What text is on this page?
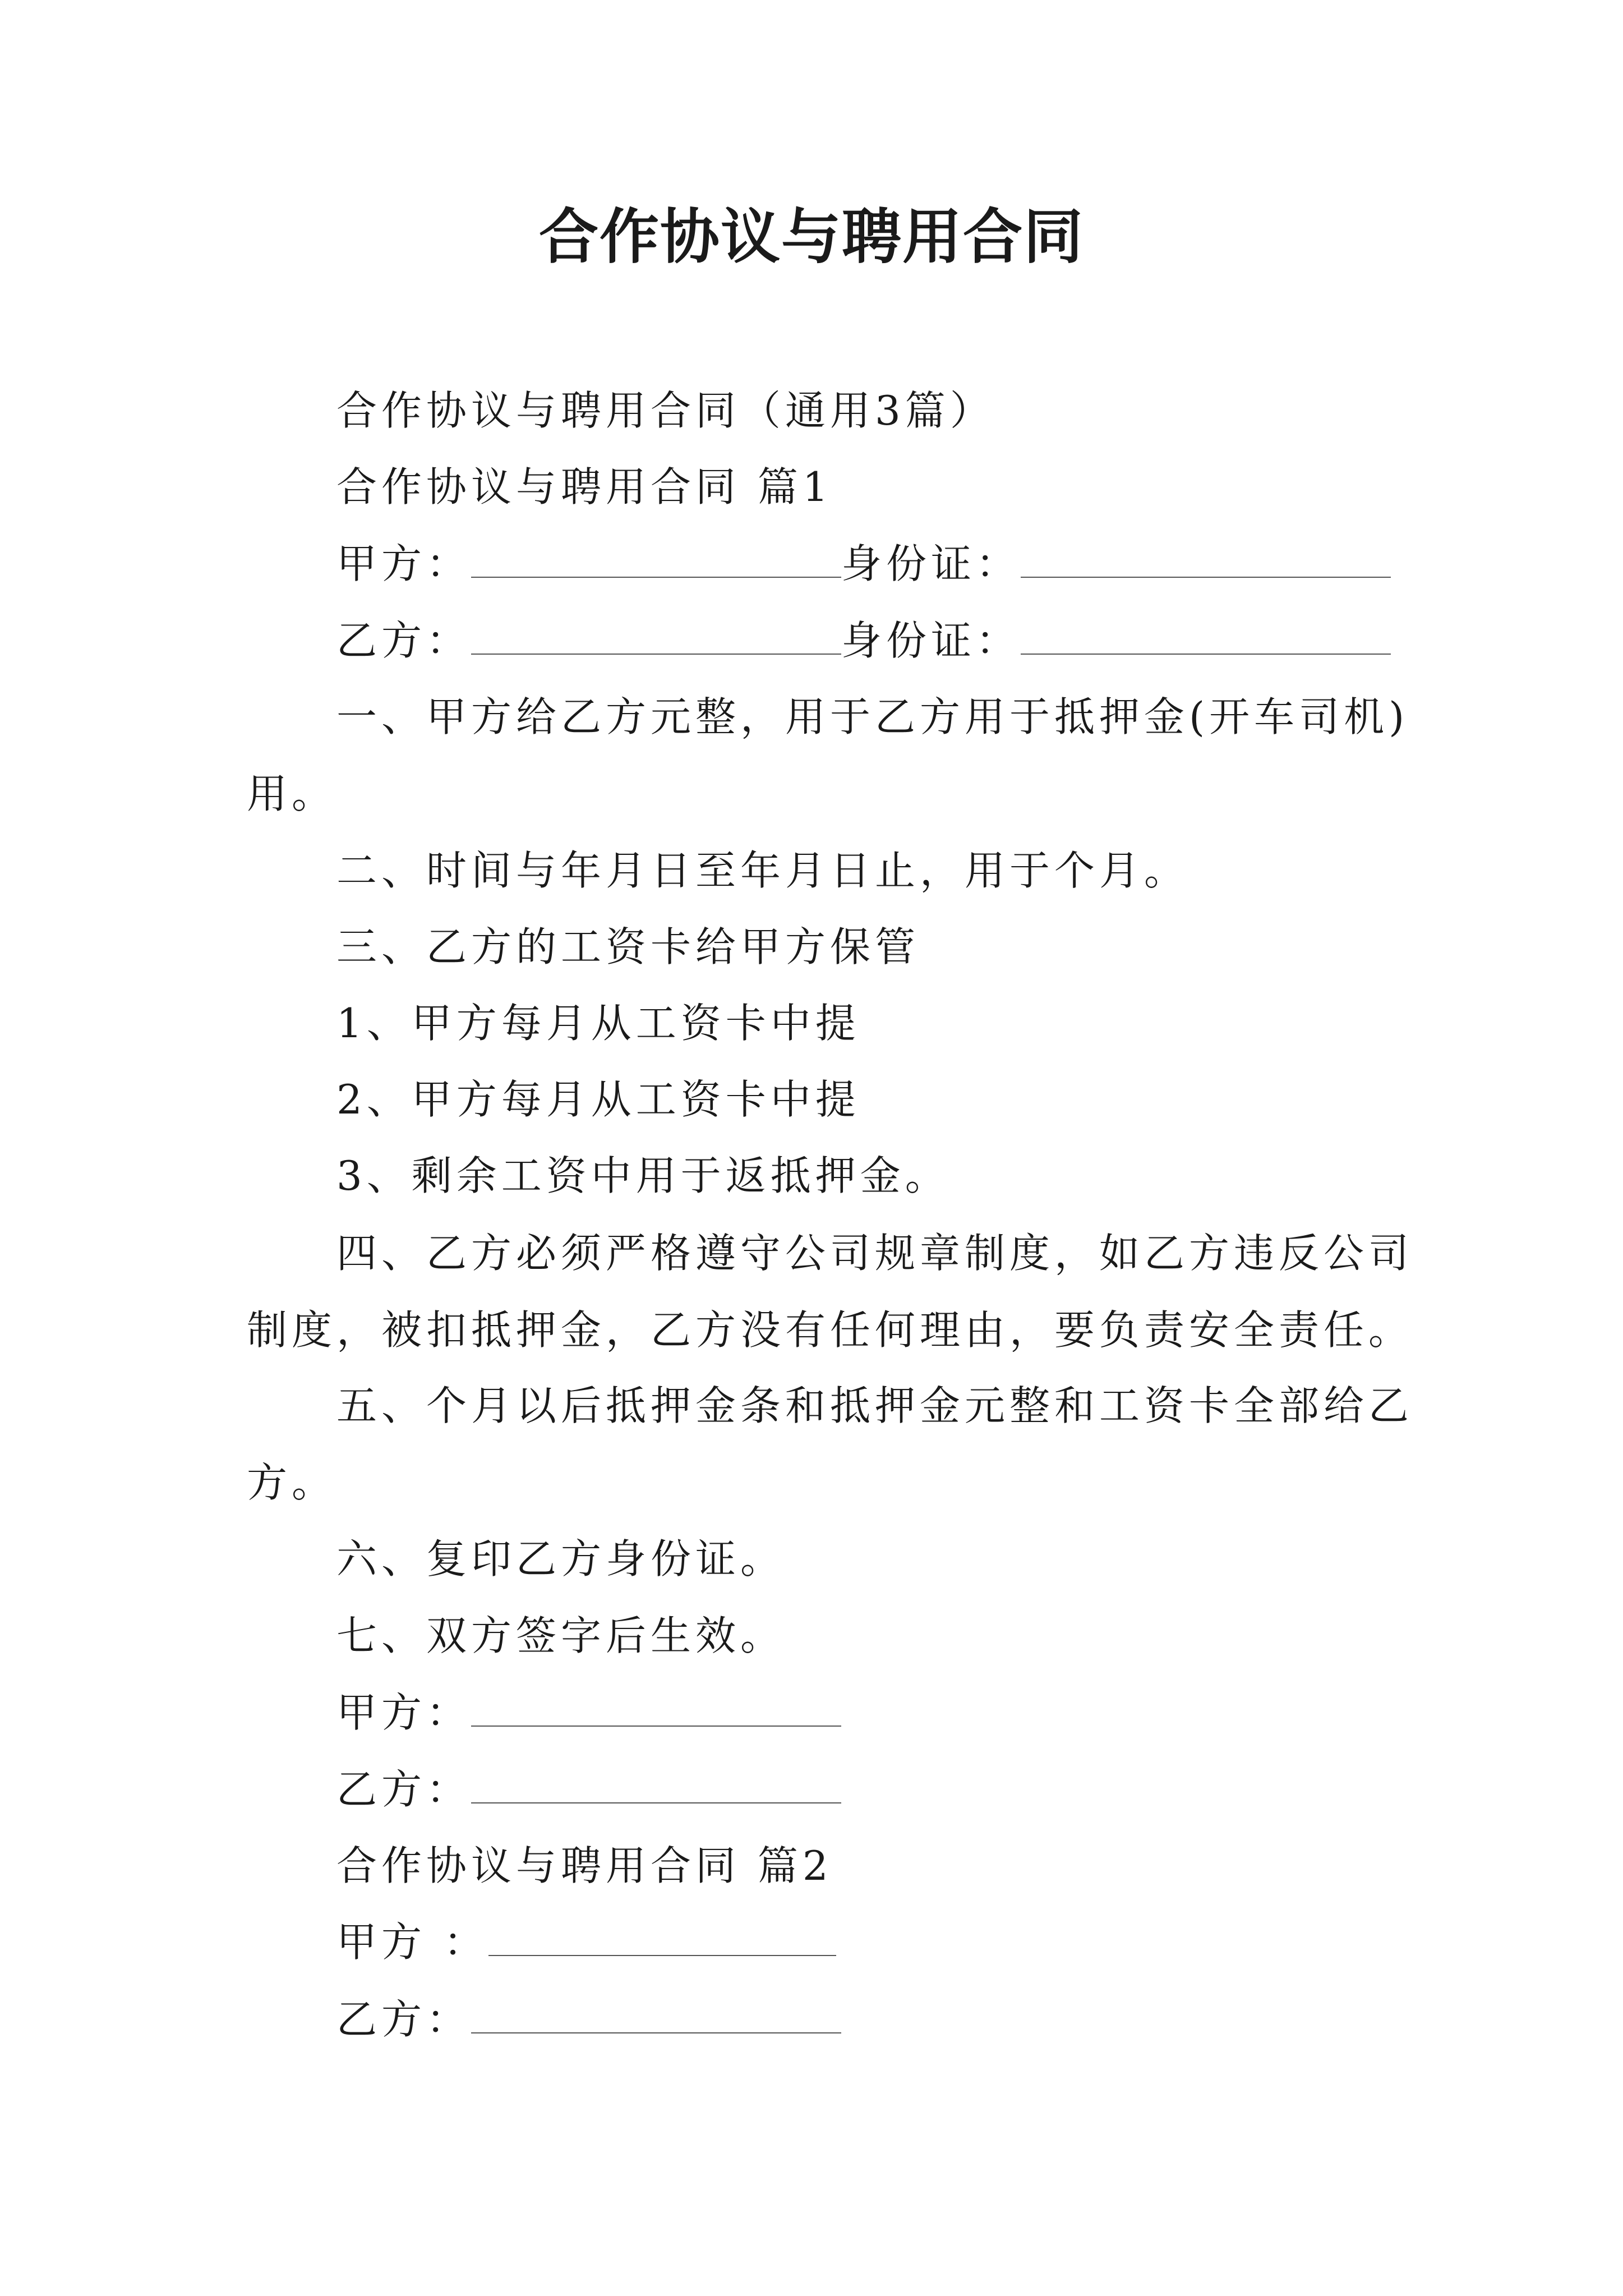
合作协议与聘用合同
合作协议与聘用合同（通用3篇）
合作协议与聘用合同 篇1
甲方：	身份证：
乙方：	身份证：
一、甲方给乙方元整，用于乙方用于抵押金(开车司机)
用。
二、时间与年月日至年月日止，用于个月。
三、乙方的工资卡给甲方保管
1、甲方每月从工资卡中提
2、甲方每月从工资卡中提
3、剩余工资中用于返抵押金。
四、乙方必须严格遵守公司规章制度，如乙方违反公司
制度，被扣抵押金，乙方没有任何理由，要负责安全责任。
五、个月以后抵押金条和抵押金元整和工资卡全部给乙
方。
六、复印乙方身份证。
七、双方签字后生效。
甲方：
乙方：
合作协议与聘用合同 篇2
甲方 ：
乙方：
